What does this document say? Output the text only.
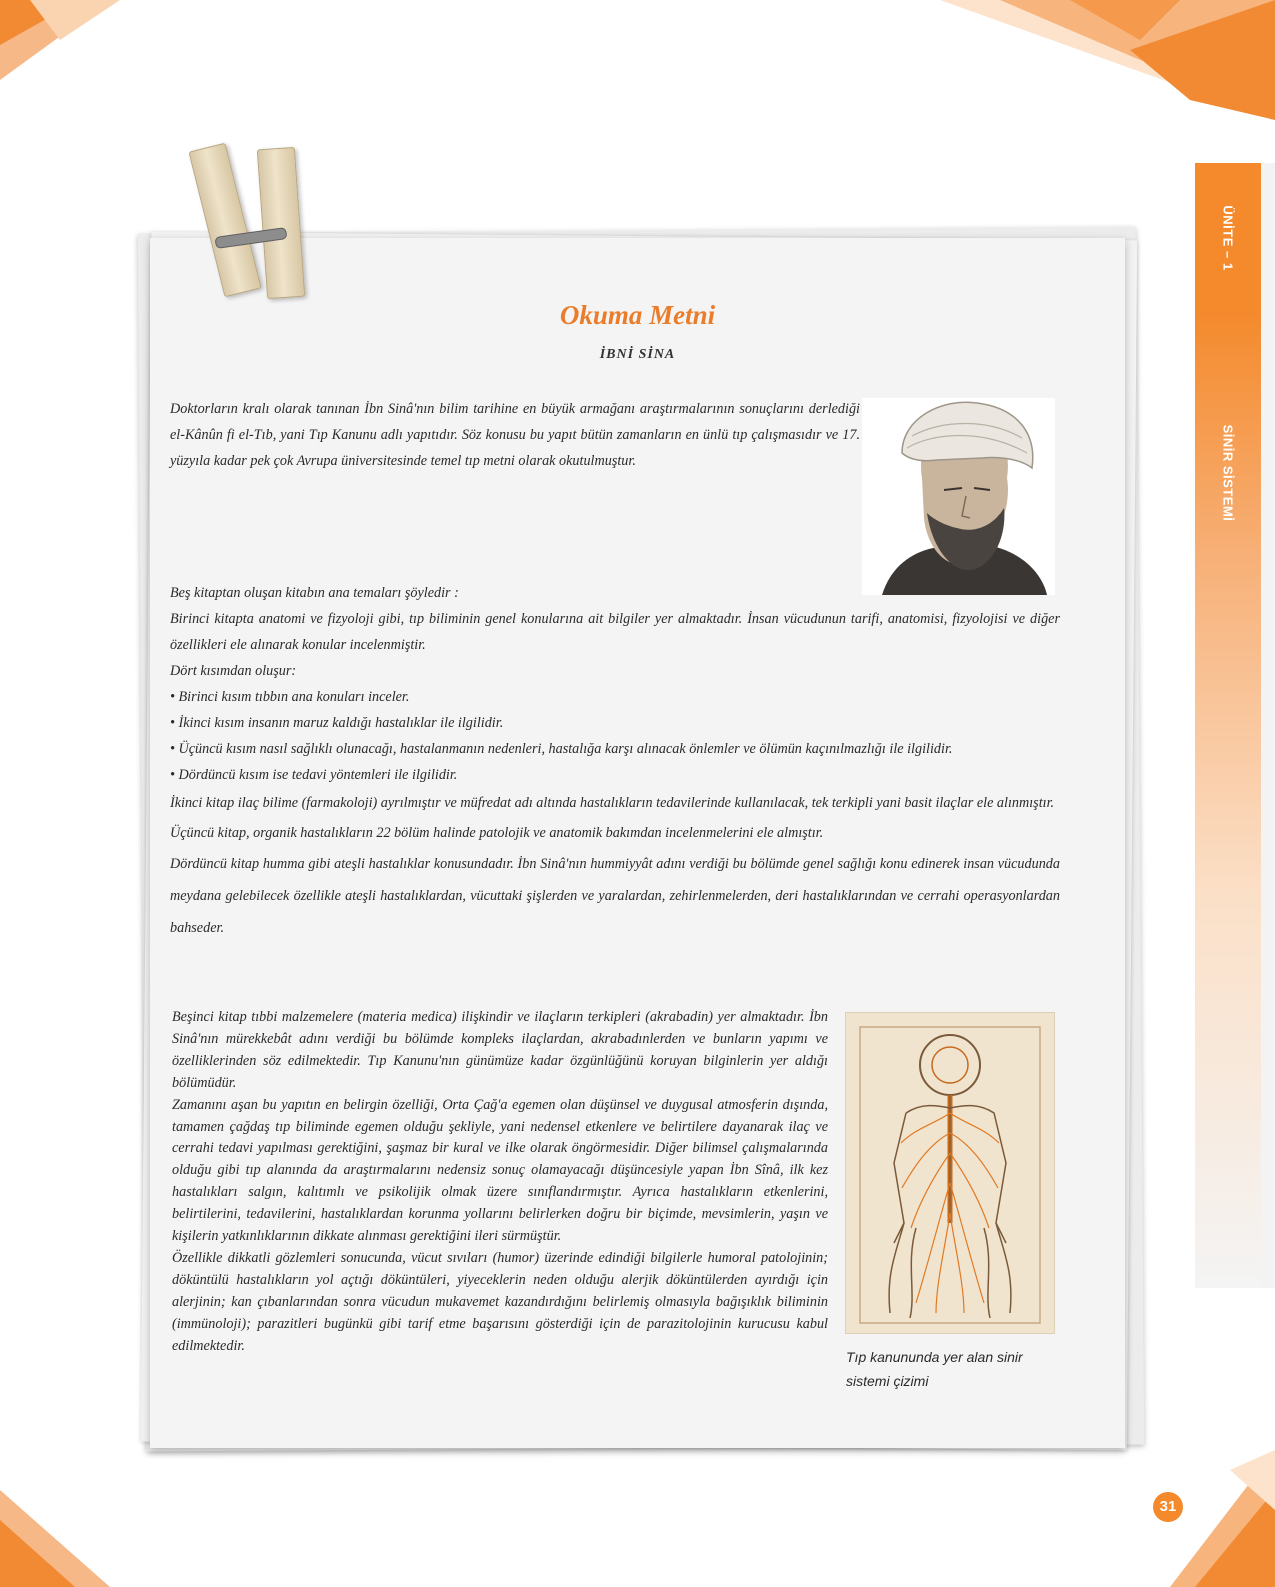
ÜNİTE – 1
SİNİR SİSTEMİ
Okuma Metni
İBNİ SİNA

Doktorların kralı olarak tanınan İbn Sinâ'nın bilim tarihine en büyük armağanı araştırmalarının sonuçlarını derlediği el-Kânûn fi el-Tıb, yani Tıp Kanunu adlı yapıtıdır. Söz konusu bu yapıt bütün zamanların en ünlü tıp çalışmasıdır ve 17. yüzyıla kadar pek çok Avrupa üniversitesinde temel tıp metni olarak okutulmuştur.

Beş kitaptan oluşan kitabın ana temaları şöyledir :

Birinci kitapta anatomi ve fizyoloji gibi, tıp biliminin genel konularına ait bilgiler yer almaktadır. İnsan vücudunun tarifi, anatomisi, fizyolojisi ve diğer özellikleri ele alınarak konular incelenmiştir.

Dört kısımdan oluşur:

• Birinci kısım tıbbın ana konuları inceler.

• İkinci kısım insanın maruz kaldığı hastalıklar ile ilgilidir.

• Üçüncü kısım nasıl sağlıklı olunacağı, hastalanmanın nedenleri, hastalığa karşı alınacak önlemler ve ölümün kaçınılmazlığı ile ilgilidir.

• Dördüncü kısım ise tedavi yöntemleri ile ilgilidir.

İkinci kitap ilaç bilime (farmakoloji) ayrılmıştır ve müfredat adı altında hastalıkların tedavilerinde kullanılacak, tek terkipli yani basit ilaçlar ele alınmıştır.

Üçüncü kitap, organik hastalıkların 22 bölüm halinde patolojik ve anatomik bakımdan incelenmelerini ele almıştır.

Dördüncü kitap humma gibi ateşli hastalıklar konusundadır. İbn Sinâ'nın hummiyyât adını verdiği bu bölümde genel sağlığı konu edinerek insan vücudunda meydana gelebilecek özellikle ateşli hastalıklardan, vücuttaki şişlerden ve yaralardan, zehirlenmelerden, deri hastalıklarından ve cerrahi operasyonlardan bahseder.

Beşinci kitap tıbbi malzemelere (materia medica) ilişkindir ve ilaçların terkipleri (akrabadin) yer almaktadır. İbn Sinâ'nın mürekkebât adını verdiği bu bölümde kompleks ilaçlardan, akrabadınlerden ve bunların yapımı ve özelliklerinden söz edilmektedir. Tıp Kanunu'nın günümüze kadar özgünlüğünü koruyan bilginlerin yer aldığı bölümüdür.

Zamanını aşan bu yapıtın en belirgin özelliği, Orta Çağ'a egemen olan düşünsel ve duygusal atmosferin dışında, tamamen çağdaş tıp biliminde egemen olduğu şekliyle, yani nedensel etkenlere ve belirtilere dayanarak ilaç ve cerrahi tedavi yapılması gerektiğini, şaşmaz bir kural ve ilke olarak öngörmesidir. Diğer bilimsel çalışmalarında olduğu gibi tıp alanında da araştırmalarını nedensiz sonuç olamayacağı düşüncesiyle yapan İbn Sînâ, ilk kez hastalıkları salgın, kalıtımlı ve psikolijik olmak üzere sınıflandırmıştır. Ayrıca hastalıkların etkenlerini, belirtilerini, tedavilerini, hastalıklardan korunma yollarını belirlerken doğru bir biçimde, mevsimlerin, yaşın ve kişilerin yatkınlıklarının dikkate alınması gerektiğini ileri sürmüştür.

Özellikle dikkatli gözlemleri sonucunda, vücut sıvıları (humor) üzerinde edindiği bilgilerle humoral patolojinin; döküntülü hastalıkların yol açtığı döküntüleri, yiyeceklerin neden olduğu alerjik döküntülerden ayırdığı için alerjinin; kan çıbanlarından sonra vücudun mukavemet kazandırdığını belirlemiş olmasıyla bağışıklık biliminin (immünoloji); parazitleri bugünkü gibi tarif etme başarısını gösterdiği için de parazitolojinin kurucusu kabul edilmektedir.

Tıp kanununda yer alan sinir sistemi çizimi
31
